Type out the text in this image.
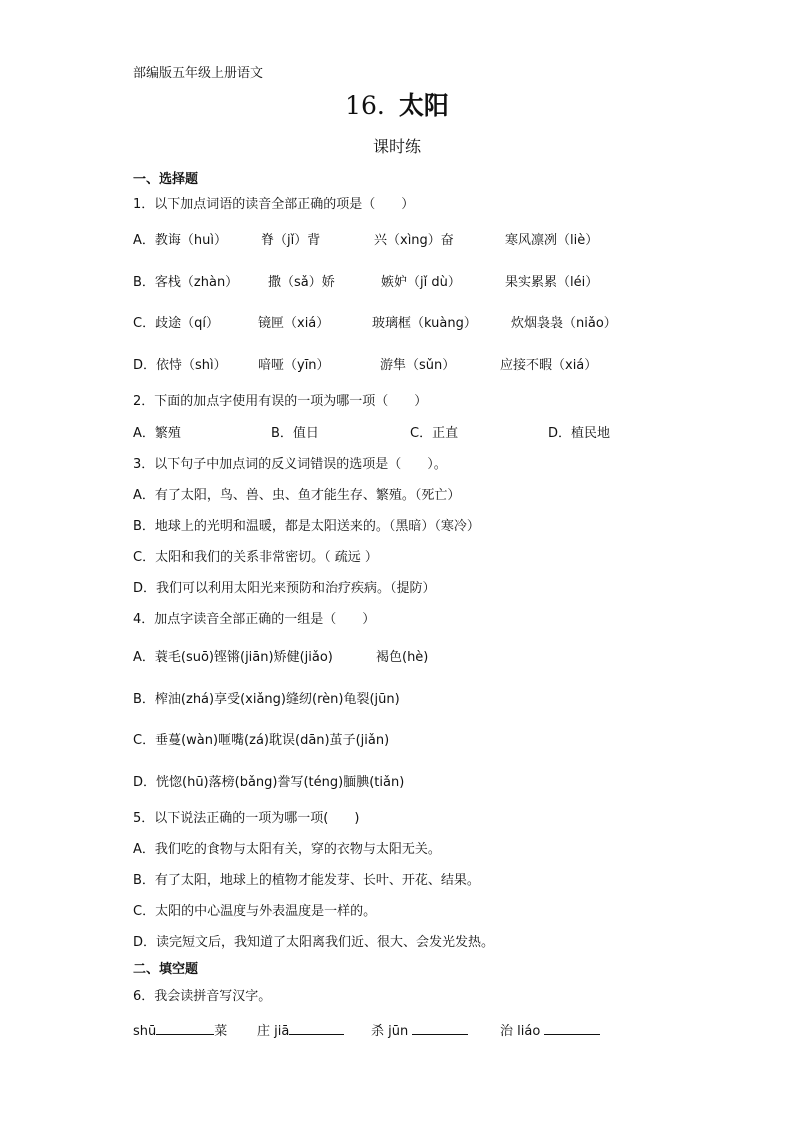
部编版五年级上册语文
16. 太阳
课时练
一、选择题
1．以下加点词语的读音全部正确的项是（　　）
A．教诲（huì）	脊（jǐ）背	兴（xìng）奋	寒风凛冽（liè）
B．客栈（zhàn） 撒（sǎ）娇	嫉妒（jǐ dù）	果实累累（léi）
C．歧途（qí）	镜匣（xiá）	玻璃框（kuàng）	炊烟袅袅（niǎo）
D．依恃（shì） 喑哑（yīn）	游隼（sǔn）	应接不暇（xiá）
2．下面的加点字使用有误的一项为哪一项（　　）
A．繁殖	B．值日	C．正直	D．植民地
3．以下句子中加点词的反义词错误的选项是（　　）。
A．有了太阳，鸟、兽、虫、鱼才能生存、繁殖。（死亡）
B．地球上的光明和温暖，都是太阳送来的。（黑暗）（寒冷）
C．太阳和我们的关系非常密切。（ 疏远 ）
D．我们可以利用太阳光来预防和治疗疾病。（提防）
4．加点字读音全部正确的一组是（　　）
A．蓑毛(suō)铿锵(jiān)矫健(jiǎo)	褐色(hè)
B．榨油(zhá)享受(xiǎng)缝纫(rèn)龟裂(jūn)
C．垂蔓(wàn)咂嘴(zá)耽误(dān)茧子(jiǎn)
D．恍惚(hū)落榜(bǎng)誊写(téng)腼腆(tiǎn)
5．以下说法正确的一项为哪一项(　　)
A．我们吃的食物与太阳有关，穿的衣物与太阳无关。
B．有了太阳，地球上的植物才能发芽、长叶、开花、结果。
C．太阳的中心温度与外表温度是一样的。
D．读完短文后，我知道了太阳离我们近、很大、会发光发热。
二、填空题
6．我会读拼音写汉字。
shū	菜 庄 jiā	杀 jūn	治 liáo
